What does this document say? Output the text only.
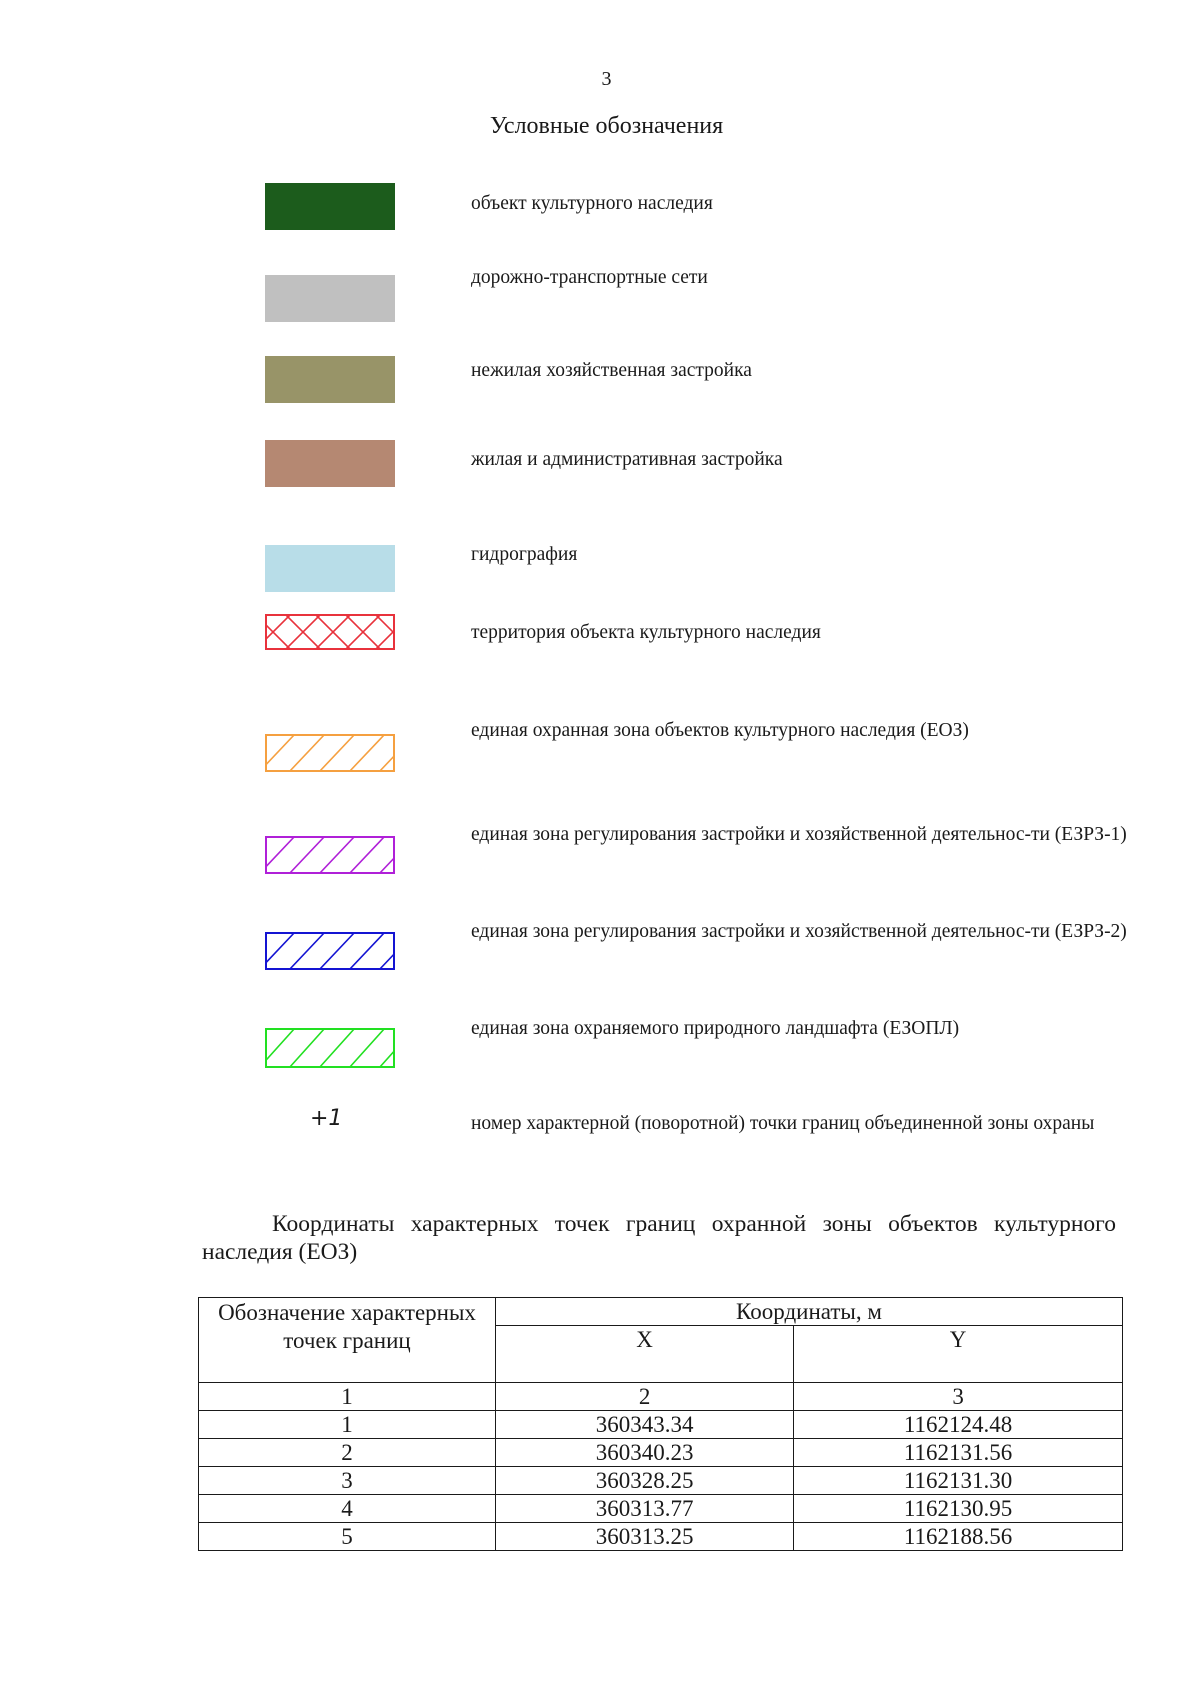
3
Условные обозначения
+1
объект культурного наследия
дорожно-транспортные сети
нежилая хозяйственная застройка
жилая и административная застройка
гидрография
территория объекта культурного наследия
единая охранная зона объектов культурного наследия (ЕОЗ)
единая зона регулирования застройки и хозяйственной деятельнос-ти (ЕЗРЗ-1)
единая зона регулирования застройки и хозяйственной деятельнос-ти (ЕЗРЗ-2)
единая зона охраняемого природного ландшафта (ЕЗОПЛ)
номер характерной (поворотной) точки границ объединенной зоны охраны
Координаты характерных точек границ охранной зоны объектов культурного наследия (ЕОЗ)
Обозначение характерных точек границ	Координаты, м	
	X	Y
1	2	3
1	360343.34	1162124.48
2	360340.23	1162131.56
3	360328.25	1162131.30
4	360313.77	1162130.95
5	360313.25	1162188.56
